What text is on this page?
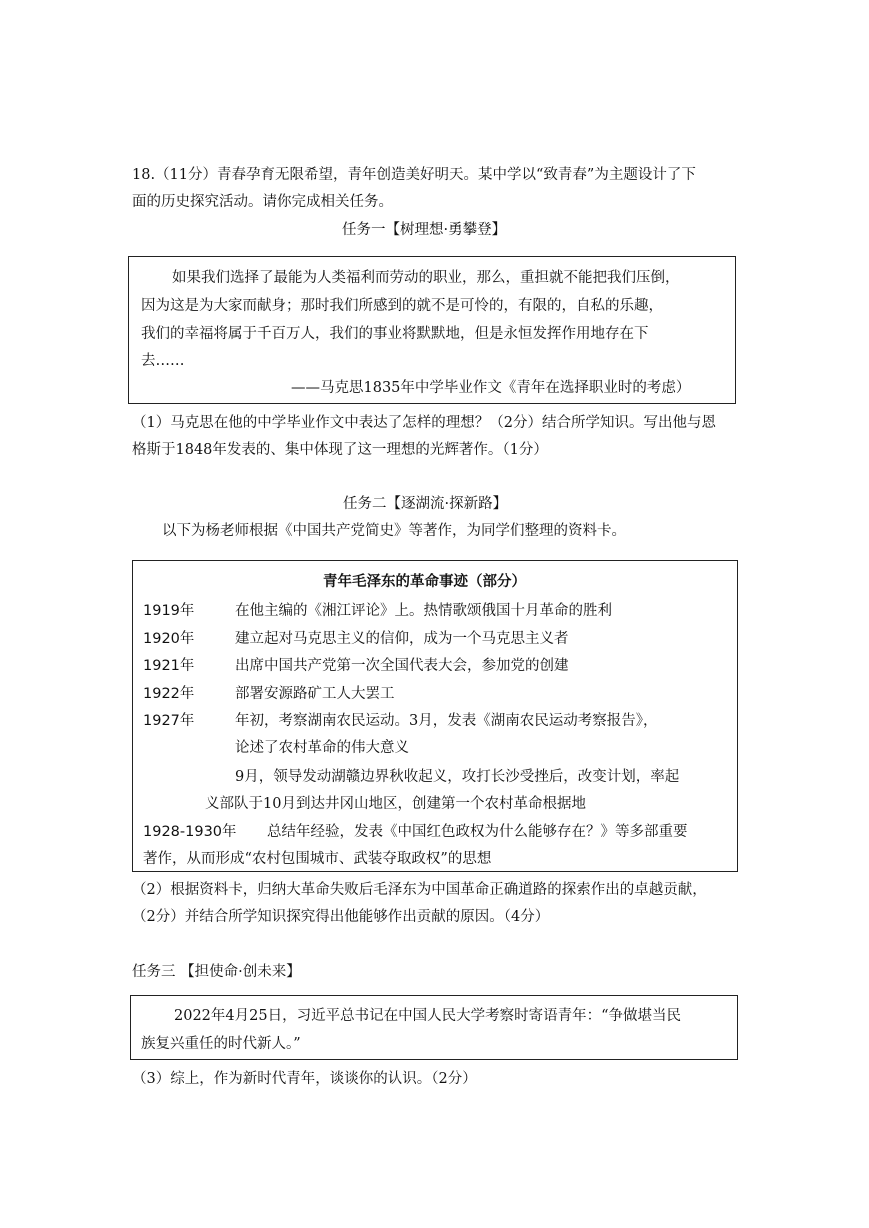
18.（11分）青春孕育无限希望，青年创造美好明天。某中学以“致青春”为主题设计了下
面的历史探究活动。请你完成相关任务。
任务一【树理想·勇攀登】
如果我们选择了最能为人类福利而劳动的职业，那么，重担就不能把我们压倒，
因为这是为大家而献身；那时我们所感到的就不是可怜的，有限的，自私的乐趣，
我们的幸福将属于千百万人，我们的事业将默默地，但是永恒发挥作用地存在下
去……
——马克思1835年中学毕业作文《青年在选择职业时的考虑）
（1）马克思在他的中学毕业作文中表达了怎样的理想？（2分）结合所学知识。写出他与恩
格斯于1848年发表的、集中体现了这一理想的光辉著作。（1分）
任务二【逐湖流·探新路】
以下为杨老师根据《中国共产党简史》等著作，为同学们整理的资料卡。
青年毛泽东的革命事迹（部分）
1919年	在他主编的《湘江评论》上。热情歌颂俄国十月革命的胜利
1920年	建立起对马克思主义的信仰，成为一个马克思主义者
1921年	出席中国共产党第一次全国代表大会，参加党的创建
1922年	部署安源路矿工人大罢工
1927年	年初，考察湖南农民运动。3月，发表《湖南农民运动考察报告》，
论述了农村革命的伟大意义
9月，领导发动湖赣边界秋收起义，攻打长沙受挫后，改变计划，率起
义部队于10月到达井冈山地区，创建第一个农村革命根据地
1928-1930年 总结年经验，发表《中国红色政权为什么能够存在？》等多部重要
著作，从而形成“农村包围城市、武装夺取政权”的思想
（2）根据资料卡，归纳大革命失败后毛泽东为中国革命正确道路的探索作出的卓越贡献，
（2分）并结合所学知识探究得出他能够作出贡献的原因。（4分）
任务三 【担使命·创未来】
2022年4月25日，习近平总书记在中国人民大学考察时寄语青年：“争做堪当民
族复兴重任的时代新人。”
（3）综上，作为新时代青年，谈谈你的认识。（2分）
